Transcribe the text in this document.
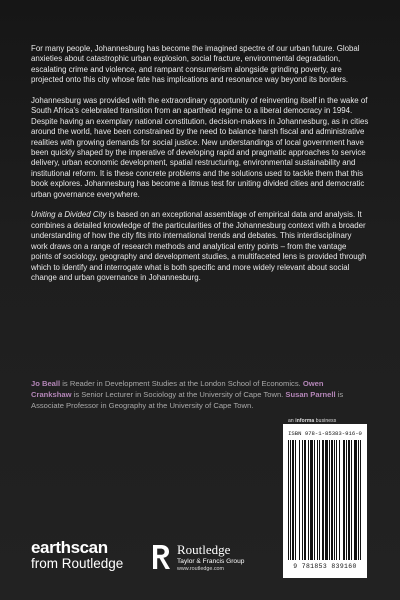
For many people, Johannesburg has become the imagined spectre of our urban future. Global anxieties about catastrophic urban explosion, social fracture, environmental degradation, escalating crime and violence, and rampant consumerism alongside grinding poverty, are projected onto this city whose fate has implications and resonance way beyond its borders.

Johannesburg was provided with the extraordinary opportunity of reinventing itself in the wake of South Africa's celebrated transition from an apartheid regime to a liberal democracy in 1994. Despite having an exemplary national constitution, decision-makers in Johannesburg, as in cities around the world, have been constrained by the need to balance harsh fiscal and administrative realities with growing demands for social justice. New understandings of local government have been quickly shaped by the imperative of developing rapid and pragmatic approaches to service delivery, urban economic development, spatial restructuring, environmental sustainability and institutional reform. It is these concrete problems and the solutions used to tackle them that this book explores. Johannesburg has become a litmus test for uniting divided cities and democratic urban governance everywhere.

Uniting a Divided City is based on an exceptional assemblage of empirical data and analysis. It combines a detailed knowledge of the particularities of the Johannesburg context with a broader understanding of how the city fits into international trends and debates. This interdisciplinary work draws on a range of research methods and analytical entry points – from the vantage points of sociology, geography and development studies, a multifaceted lens is provided through which to identify and interrogate what is both specific and more widely relevant about social change and urban governance in Johannesburg.

Jo Beall is Reader in Development Studies at the London School of Economics. Owen Crankshaw is Senior Lecturer in Sociology at the University of Cape Town. Susan Parnell is Associate Professor in Geography at the University of Cape Town.
an informa business
ISBN 978-1-85383-916-0
9 781853 839160
earthscan
from Routledge
Routledge
Taylor & Francis Group
www.routledge.com
